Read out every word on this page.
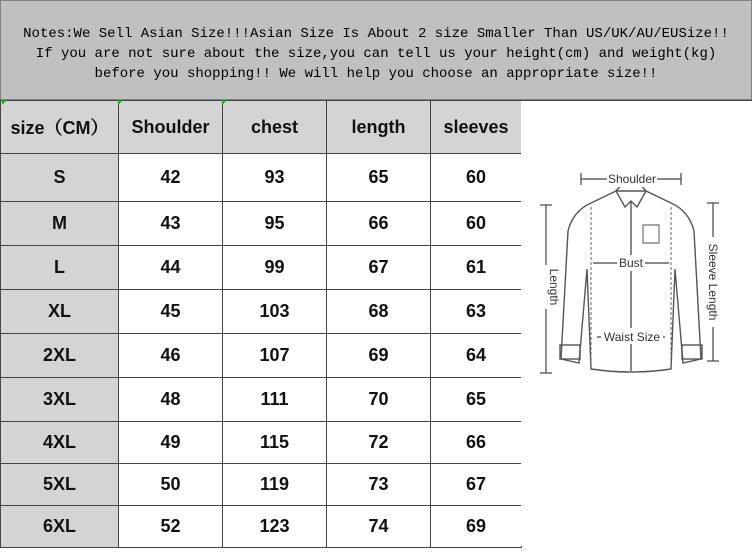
Notes:We Sell Asian Size!!!Asian Size Is About 2 size Smaller Than US/UK/AU/EUSize!!
If you are not sure about the size,you can tell us your height(cm) and weight(kg)
before you shopping!! We will help you choose an appropriate size!!
size（CM）	Shoulder	chest	length	sleeves
S	42	93	65	60
M	43	95	66	60
L	44	99	67	61
XL	45	103	68	63
2XL	46	107	69	64
3XL	48	111	70	65
4XL	49	115	72	66
5XL	50	119	73	67
6XL	52	123	74	69
Shoulder
Bust
Waist Size
Length	Sleeve Length
